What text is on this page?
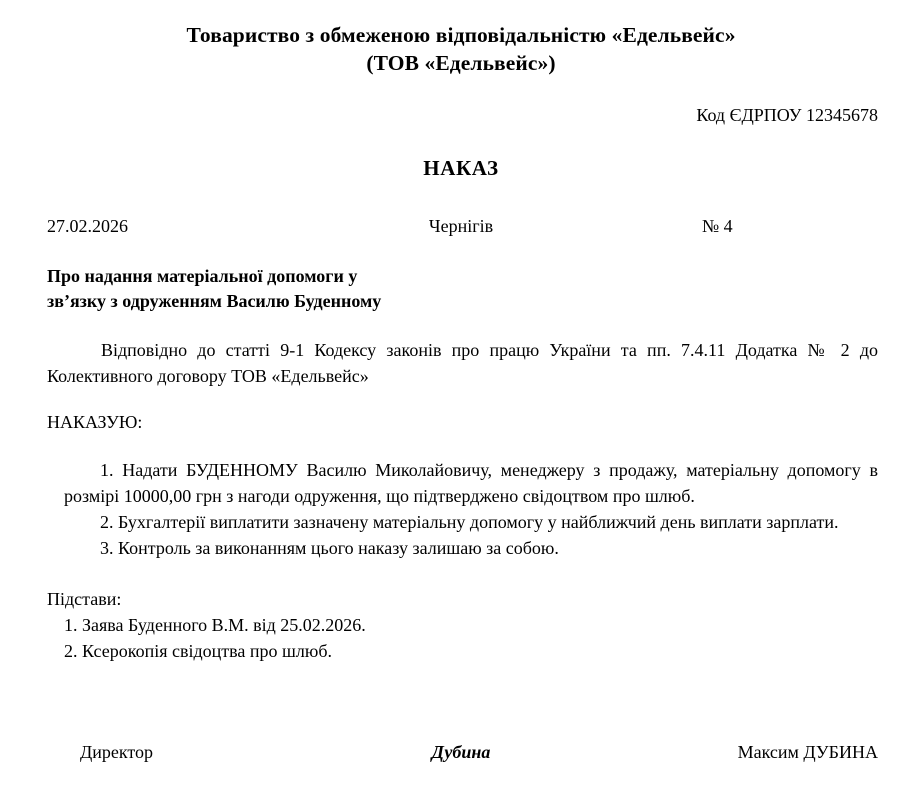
Товариство з обмеженою відповідальністю «Едельвейс»
(ТОВ «Едельвейс»)
Код ЄДРПОУ 12345678
НАКАЗ
27.02.2026	Чернігів	№ 4
Про надання матеріальної допомоги у
зв’язку з одруженням Василю Буденному

Відповідно до статті 9-1 Кодексу законів про працю України та пп. 7.4.11 Додатка № 2 до Колективного договору ТОВ «Едельвейс»

НАКАЗУЮ:

1. Надати БУДЕННОМУ Василю Миколайовичу, менеджеру з продажу, матеріальну допомогу в розмірі 10000,00 грн з нагоди одруження, що підтверджено свідоцтвом про шлюб.

2. Бухгалтерії виплатити зазначену матеріальну допомогу у найближчий день виплати зарплати.

3. Контроль за виконанням цього наказу залишаю за собою.

Підстави:

1. Заява Буденного В.М. від 25.02.2026.

2. Ксерокопія свідоцтва про шлюб.

Директор	Дубина	Максим ДУБИНА
